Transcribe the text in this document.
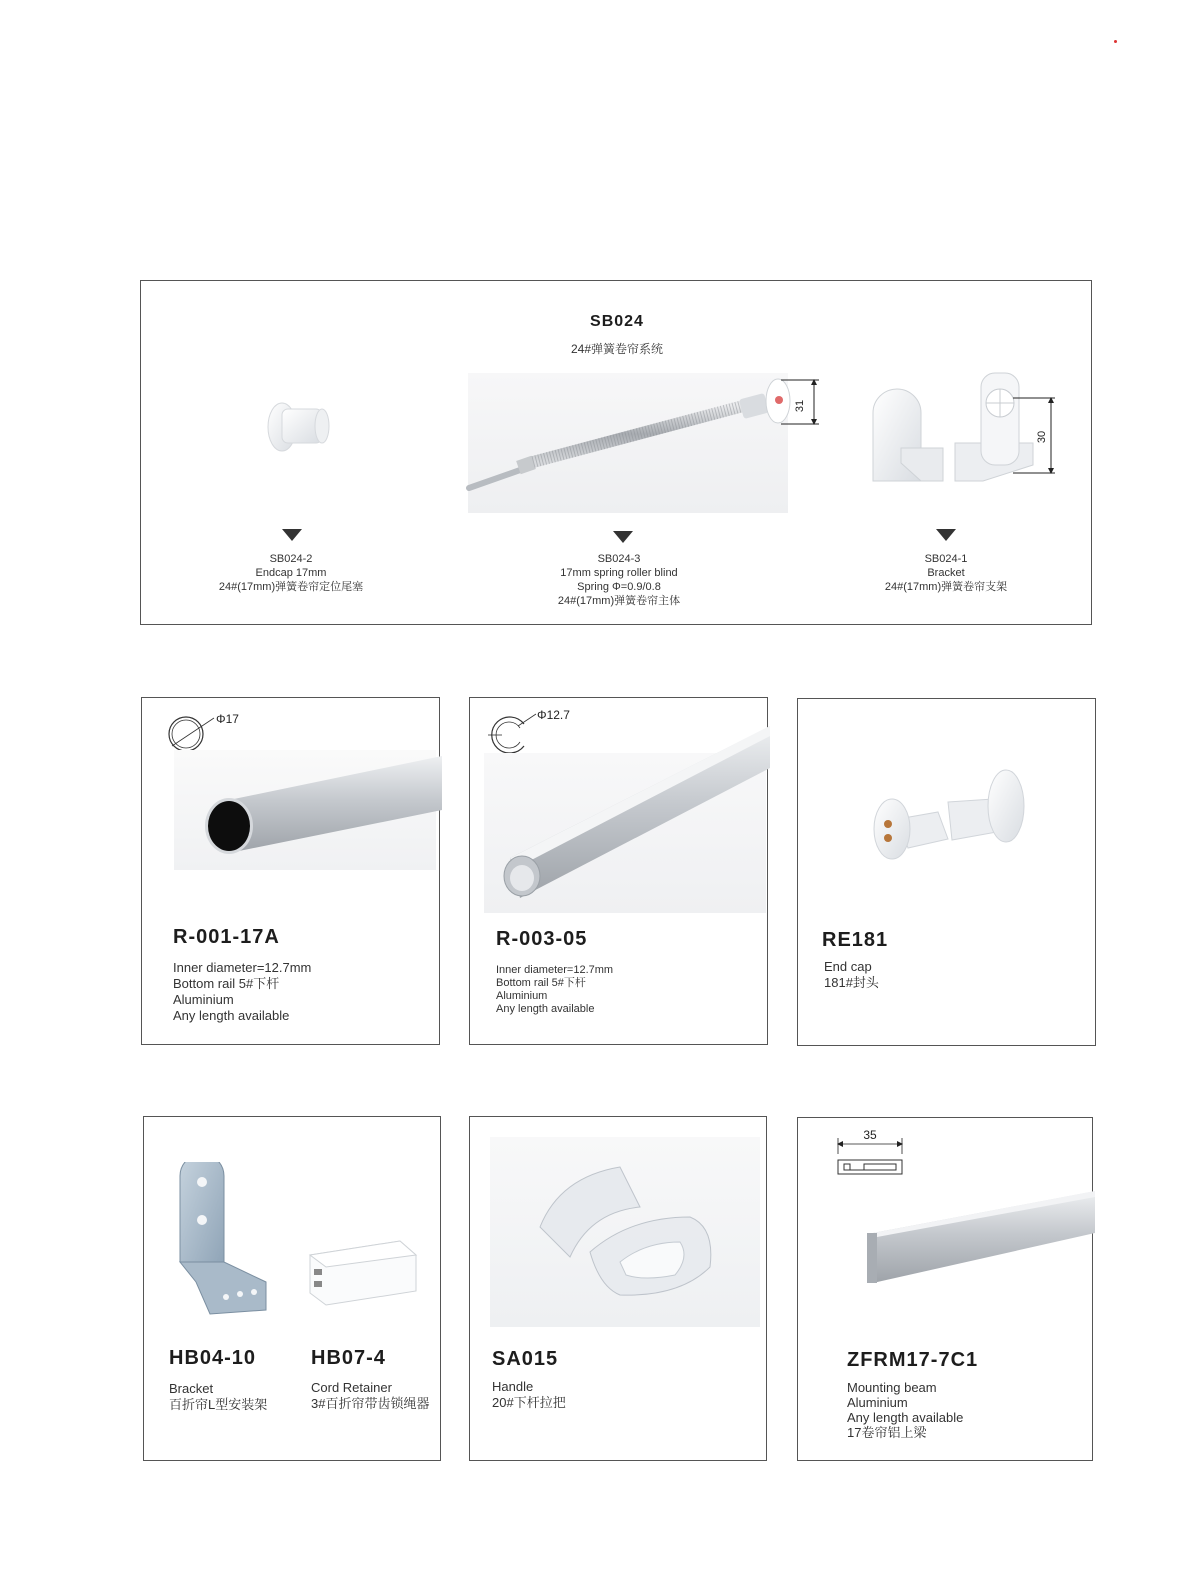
SB024
24#弹簧卷帘系统
31
30
SB024-2
Endcap 17mm
24#(17mm)弹簧卷帘定位尾塞
SB024-3
17mm spring roller blind
Spring Φ=0.9/0.8
24#(17mm)弹簧卷帘主体
SB024-1
Bracket
24#(17mm)弹簧卷帘支架
Φ17
R-001-17A
Inner diameter=12.7mm
Bottom rail 5#下杆
Aluminium
Any length available
Φ12.7
R-003-05
Inner diameter=12.7mm
Bottom rail 5#下杆
Aluminium
Any length available
RE181
End cap
181#封头
HB04-10
Bracket
百折帘L型安装架
HB07-4
Cord Retainer
3#百折帘带齿锁绳器
SA015
Handle
20#下杆拉把
35
ZFRM17-7C1
Mounting beam
Aluminium
Any length available
17卷帘铝上梁
